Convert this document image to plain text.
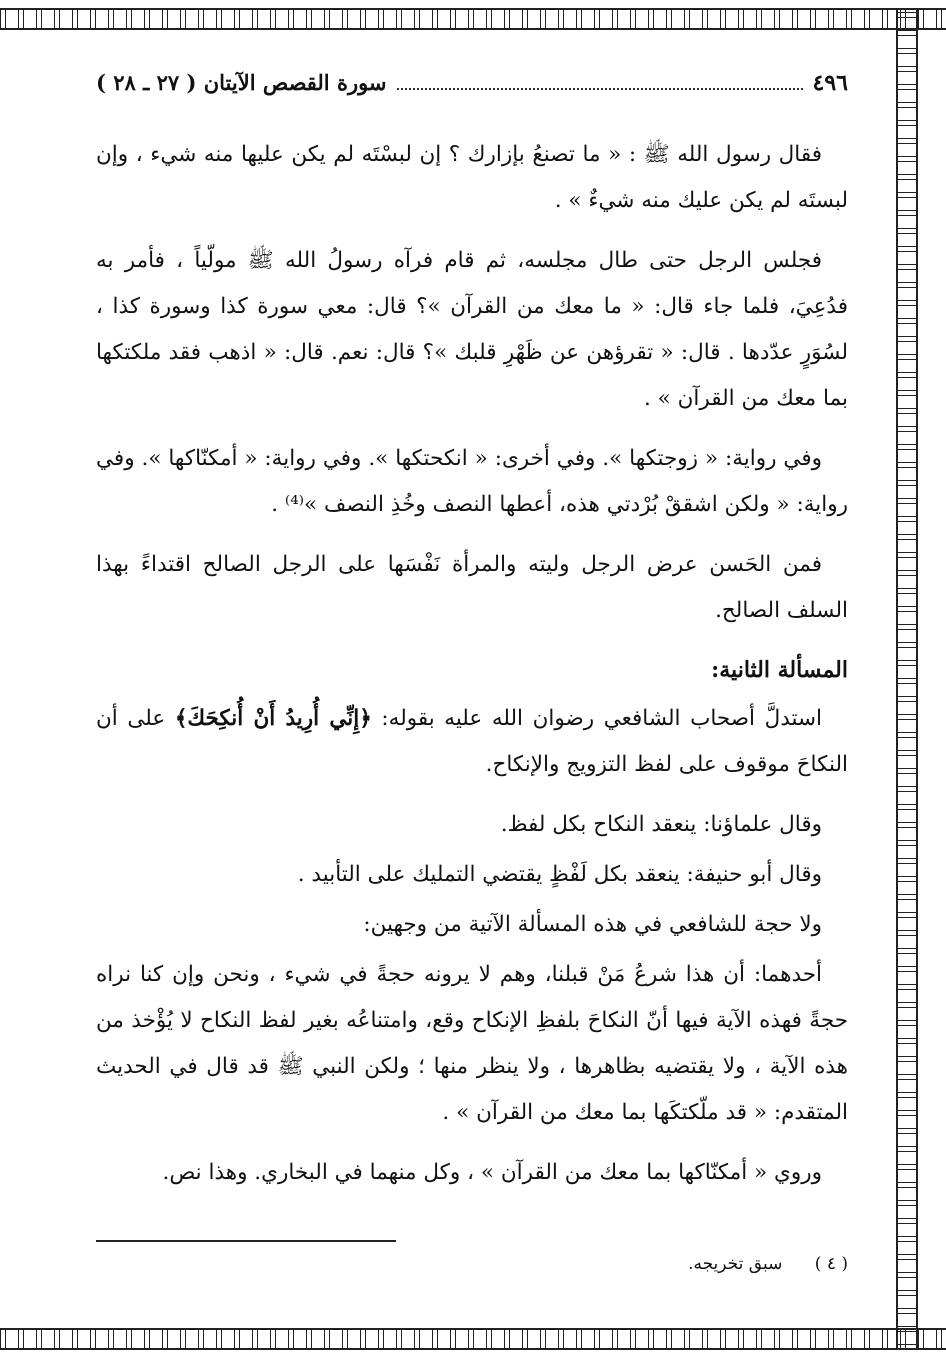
٤٩٦
سورة القصص الآيتان ( ٢٧ ـ ٢٨ )

فقال رسول الله ﷺ : « ما تصنعُ بإزارك ؟ إن لبسْتَه لم يكن عليها منه شيء ، وإن لبستَه لم يكن عليك منه شيءٌ » .

فجلس الرجل حتى طال مجلسه، ثم قام فرآه رسولُ الله ﷺ مولّياً ، فأمر به فدُعِيَ، فلما جاء قال: « ما معك من القرآن »؟ قال: معي سورة كذا وسورة كذا ، لسُوَرٍ عدّدها . قال: « تقرؤهن عن ظَهْرِ قلبك »؟ قال: نعم. قال: « اذهب فقد ملكتكها بما معك من القرآن » .

وفي رواية: « زوجتكها ». وفي أخرى: « انكحتكها ». وفي رواية: « أمكنّاكها ». وفي رواية: « ولكن اشققْ بُرْدتي هذه، أعطها النصف وخُذِ النصف »⁽⁴⁾ .

فمن الحَسن عرض الرجل وليته والمرأة نَفْسَها على الرجل الصالح اقتداءً بهذا السلف الصالح.

المسألة الثانية:

استدلَّ أصحاب الشافعي رضوان الله عليه بقوله: ﴿إِنِّي أُرِيدُ أَنْ أُنكِحَكَ﴾ على أن النكاحَ موقوف على لفظ التزويج والإنكاح.

وقال علماؤنا: ينعقد النكاح بكل لفظ.

وقال أبو حنيفة: ينعقد بكل لَفْظٍ يقتضي التمليك على التأبيد .

ولا حجة للشافعي في هذه المسألة الآتية من وجهين:

أحدهما: أن هذا شرعُ مَنْ قبلنا، وهم لا يرونه حجةً في شيء ، ونحن وإن كنا نراه حجةً فهذه الآية فيها أنّ النكاحَ بلفظِ الإنكاح وقع، وامتناعُه بغير لفظ النكاح لا يُؤْخذ من هذه الآية ، ولا يقتضيه بظاهرها ، ولا ينظر منها ؛ ولكن النبي ﷺ قد قال في الحديث المتقدم: « قد ملّكتكَها بما معك من القرآن » .

وروي « أمكنّاكها بما معك من القرآن » ، وكل منهما في البخاري. وهذا نص.

( ٤ )      سبق تخريجه.
